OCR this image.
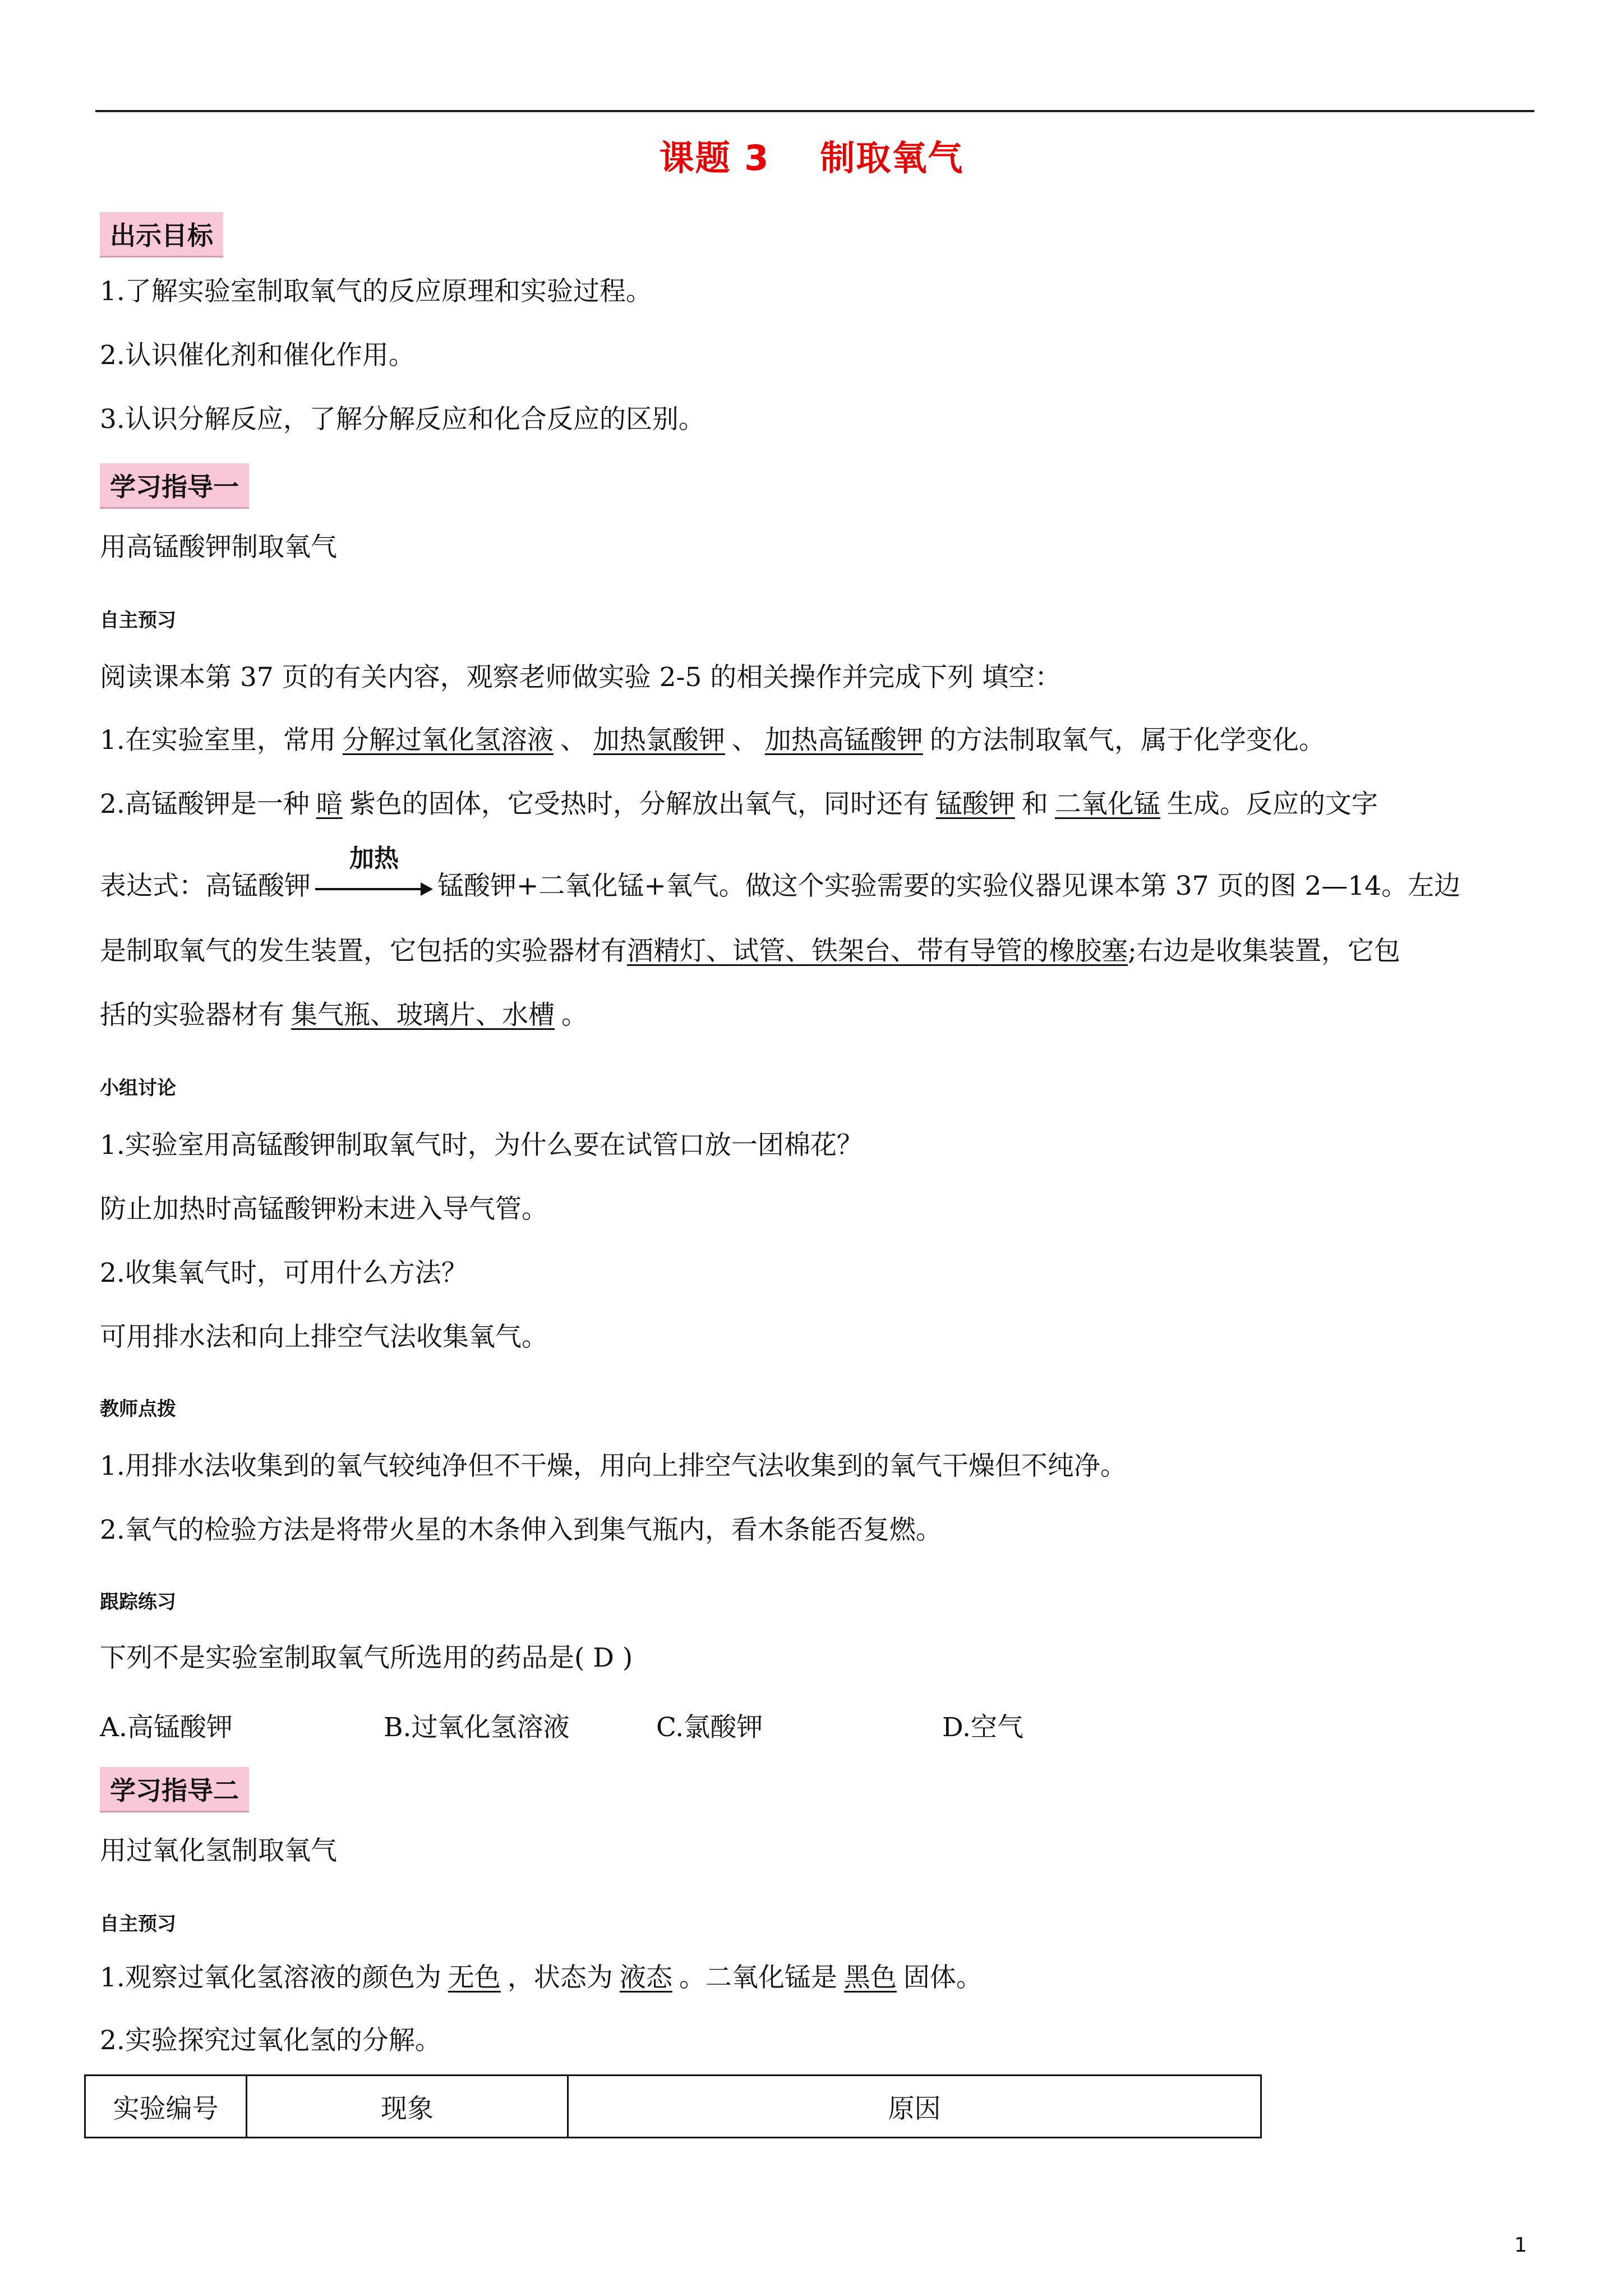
课题 3 制取氧气
出示目标
1.了解实验室制取氧气的反应原理和实验过程。
2.认识催化剂和催化作用。
3.认识分解反应，了解分解反应和化合反应的区别。
学习指导一
用高锰酸钾制取氧气
自主预习
阅读课本第 37 页的有关内容，观察老师做实验 2-5 的相关操作并完成下列 填空：
1.在实验室里，常用 分解过氧化氢溶液 、 加热氯酸钾 、 加热高锰酸钾 的方法制取氧气，属于化学变化。
2.高锰酸钾是一种 暗 紫色的固体，它受热时，分解放出氧气，同时还有 锰酸钾 和 二氧化锰 生成。反应的文字
表达式：高锰酸钾
加热
锰酸钾+二氧化锰+氧气。做这个实验需要的实验仪器见课本第 37 页的图 2—14。左边
是制取氧气的发生装置，它包括的实验器材有酒精灯、试管、铁架台、带有导管的橡胶塞;右边是收集装置，它包
括的实验器材有 集气瓶、玻璃片、水槽 。
小组讨论
1.实验室用高锰酸钾制取氧气时，为什么要在试管口放一团棉花？
防止加热时高锰酸钾粉末进入导气管。
2.收集氧气时，可用什么方法？
可用排水法和向上排空气法收集氧气。
教师点拨
1.用排水法收集到的氧气较纯净但不干燥，用向上排空气法收集到的氧气干燥但不纯净。
2.氧气的检验方法是将带火星的木条伸入到集气瓶内，看木条能否复燃。
跟踪练习
下列不是实验室制取氧气所选用的药品是( D )
A.高锰酸钾	B.过氧化氢溶液	C.氯酸钾	D.空气
学习指导二
用过氧化氢制取氧气
自主预习
1.观察过氧化氢溶液的颜色为 无色 ，状态为 液态 。二氧化锰是 黑色 固体。
2.实验探究过氧化氢的分解。
实验编号	现象	原因
1
